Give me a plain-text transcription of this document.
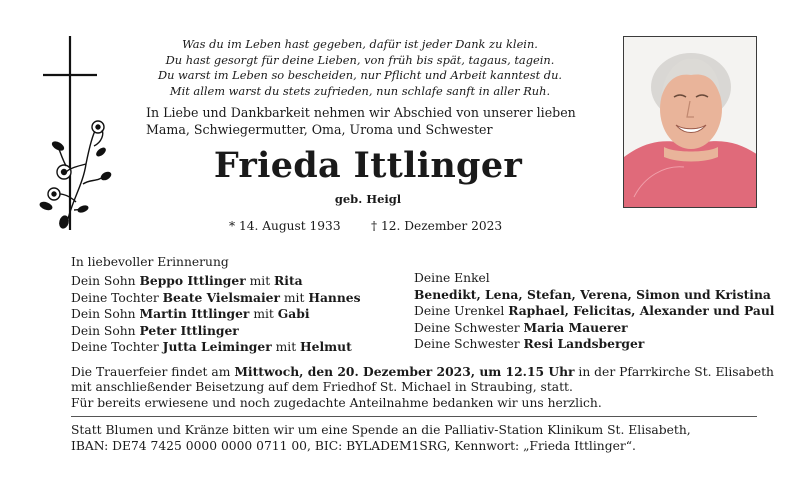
Was du im Leben hast gegeben, dafür ist jeder Dank zu klein.
Du hast gesorgt für deine Lieben, von früh bis spät, tagaus, tagein.
Du warst im Leben so bescheiden, nur Pflicht und Arbeit kanntest du.
Mit allem warst du stets zufrieden, nun schlafe sanft in aller Ruh.
In Liebe und Dankbarkeit nehmen wir Abschied von unserer lieben
Mama, Schwiegermutter, Oma, Uroma und Schwester
Frieda Ittlinger
geb. Heigl
* 14. August 1933 † 12. Dezember 2023
In liebevoller Erinnerung
Dein Sohn Beppo Ittlinger mit Rita
Deine Tochter Beate Vielsmaier mit Hannes
Dein Sohn Martin Ittlinger mit Gabi
Dein Sohn Peter Ittlinger
Deine Tochter Jutta Leiminger mit Helmut
Deine Enkel
Benedikt, Lena, Stefan, Verena, Simon und Kristina
Deine Urenkel Raphael, Felicitas, Alexander und Paul
Deine Schwester Maria Mauerer
Deine Schwester Resi Landsberger
Die Trauerfeier findet am Mittwoch, den 20. Dezember 2023, um 12.15 Uhr in der Pfarrkirche St. Elisabeth
mit anschließender Beisetzung auf dem Friedhof St. Michael in Straubing, statt.
Für bereits erwiesene und noch zugedachte Anteilnahme bedanken wir uns herzlich.
Statt Blumen und Kränze bitten wir um eine Spende an die Palliativ-Station Klinikum St. Elisabeth,
IBAN: DE74 7425 0000 0000 0711 00, BIC: BYLADEM1SRG, Kennwort: „Frieda Ittlinger“.
